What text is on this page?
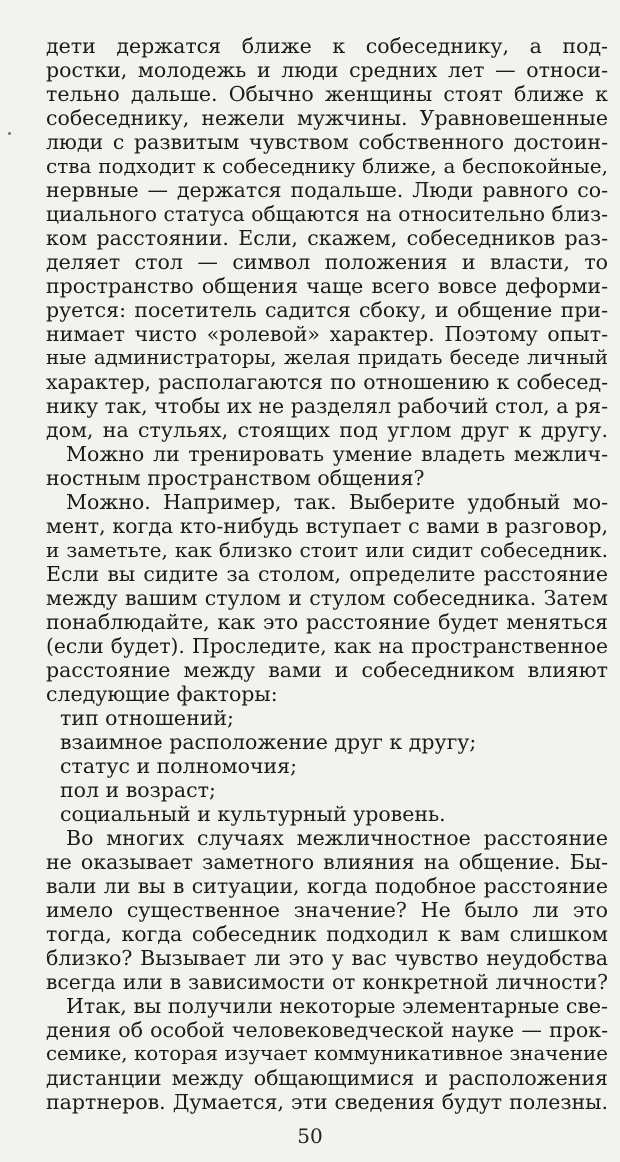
дети держатся ближе к собеседнику, а под-
ростки, молодежь и люди средних лет — относи-
тельно дальше. Обычно женщины стоят ближе к
собеседнику, нежели мужчины. Уравновешенные
люди с развитым чувством собственного достоин-
ства подходит к собеседнику ближе, а беспокойные,
нервные — держатся подальше. Люди равного со-
циального статуса общаются на относительно близ-
ком расстоянии. Если, скажем, собеседников раз-
деляет стол — символ положения и власти, то
пространство общения чаще всего вовсе деформи-
руется: посетитель садится сбоку, и общение при-
нимает чисто «ролевой» характер. Поэтому опыт-
ные администраторы, желая придать беседе личный
характер, располагаются по отношению к собесед-
нику так, чтобы их не разделял рабочий стол, а ря-
дом, на стульях, стоящих под углом друг к другу.
Можно ли тренировать умение владеть межлич-
ностным пространством общения?
Можно. Например, так. Выберите удобный мо-
мент, когда кто-нибудь вступает с вами в разговор,
и заметьте, как близко стоит или сидит собеседник.
Если вы сидите за столом, определите расстояние
между вашим стулом и стулом собеседника. Затем
понаблюдайте, как это расстояние будет меняться
(если будет). Проследите, как на пространственное
расстояние между вами и собеседником влияют
следующие факторы:
тип отношений;
взаимное расположение друг к другу;
статус и полномочия;
пол и возраст;
социальный и культурный уровень.
Во многих случаях межличностное расстояние
не оказывает заметного влияния на общение. Бы-
вали ли вы в ситуации, когда подобное расстояние
имело существенное значение? Не было ли это
тогда, когда собеседник подходил к вам слишком
близко? Вызывает ли это у вас чувство неудобства
всегда или в зависимости от конкретной личности?
Итак, вы получили некоторые элементарные све-
дения об особой человековедческой науке — прок-
семике, которая изучает коммуникативное значение
дистанции между общающимися и расположения
партнеров. Думается, эти сведения будут полезны.
50
